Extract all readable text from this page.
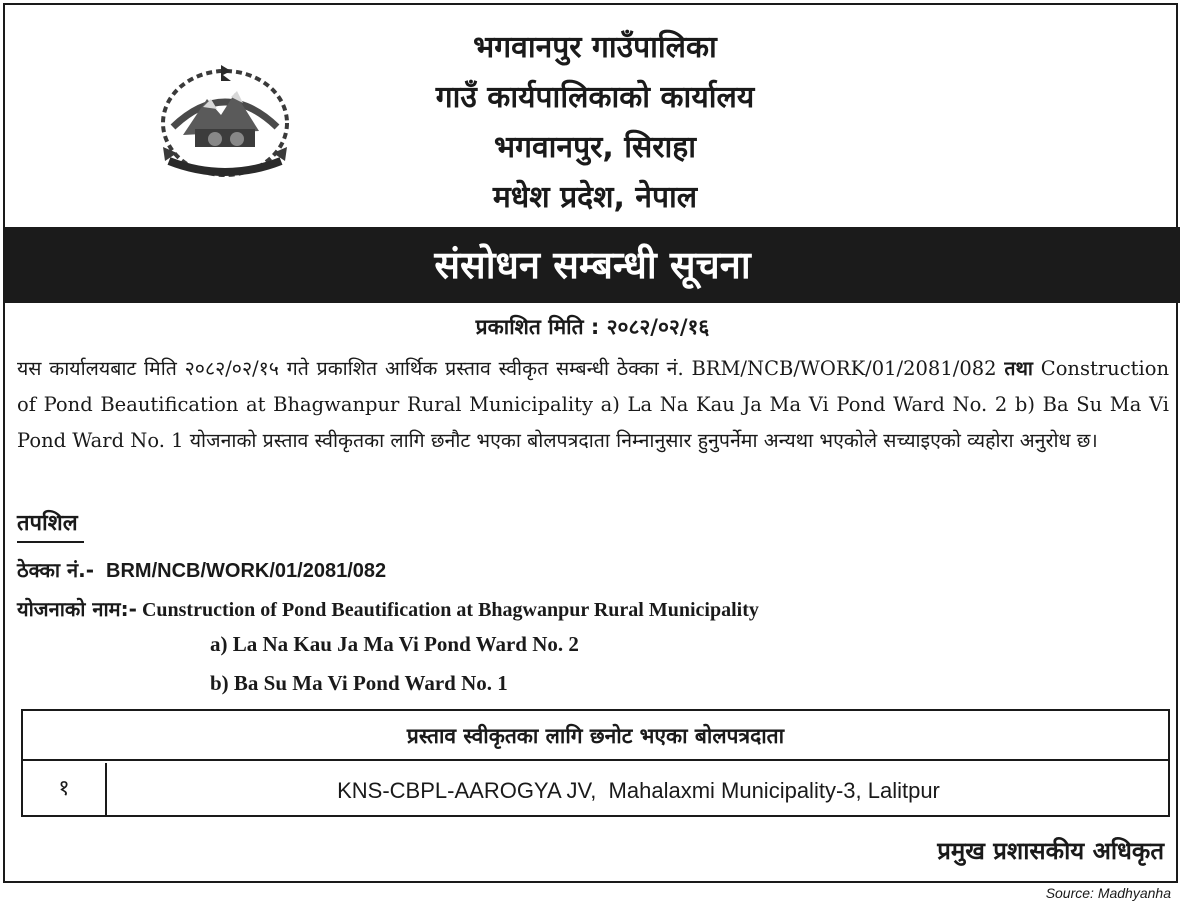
भगवानपुर गाउँपालिका
गाउँ कार्यपालिकाको कार्यालय
भगवानपुर, सिराहा
मधेश प्रदेश, नेपाल
संसोधन सम्बन्धी सूचना
प्रकाशित मिति : २०८२/०२/१६
यस कार्यालयबाट मिति २०८२/०२/१५ गते प्रकाशित आर्थिक प्रस्ताव स्वीकृत सम्बन्धी ठेक्का नं. BRM/NCB/WORK/01/2081/082 तथा Construction of Pond Beautification at Bhagwanpur Rural Municipality a) La Na Kau Ja Ma Vi Pond Ward No. 2 b) Ba Su Ma Vi Pond Ward No. 1 योजनाको प्रस्ताव स्वीकृतका लागि छनौट भएका बोलपत्रदाता निम्नानुसार हुनुपर्नेमा अन्यथा भएकोले सच्याइएको व्यहोरा अनुरोध छ।
तपशिल
ठेक्का नं.- BRM/NCB/WORK/01/2081/082
योजनाको नाम:- Cunstruction of Pond Beautification at Bhagwanpur Rural Municipality
a) La Na Kau Ja Ma Vi Pond Ward No. 2
b) Ba Su Ma Vi Pond Ward No. 1
प्रस्ताव स्वीकृतका लागि छनोट भएका बोलपत्रदाता
१	KNS-CBPL-AAROGYA JV,  Mahalaxmi Municipality-3, Lalitpur
प्रमुख प्रशासकीय अधिकृत
Source: Madhyanha
